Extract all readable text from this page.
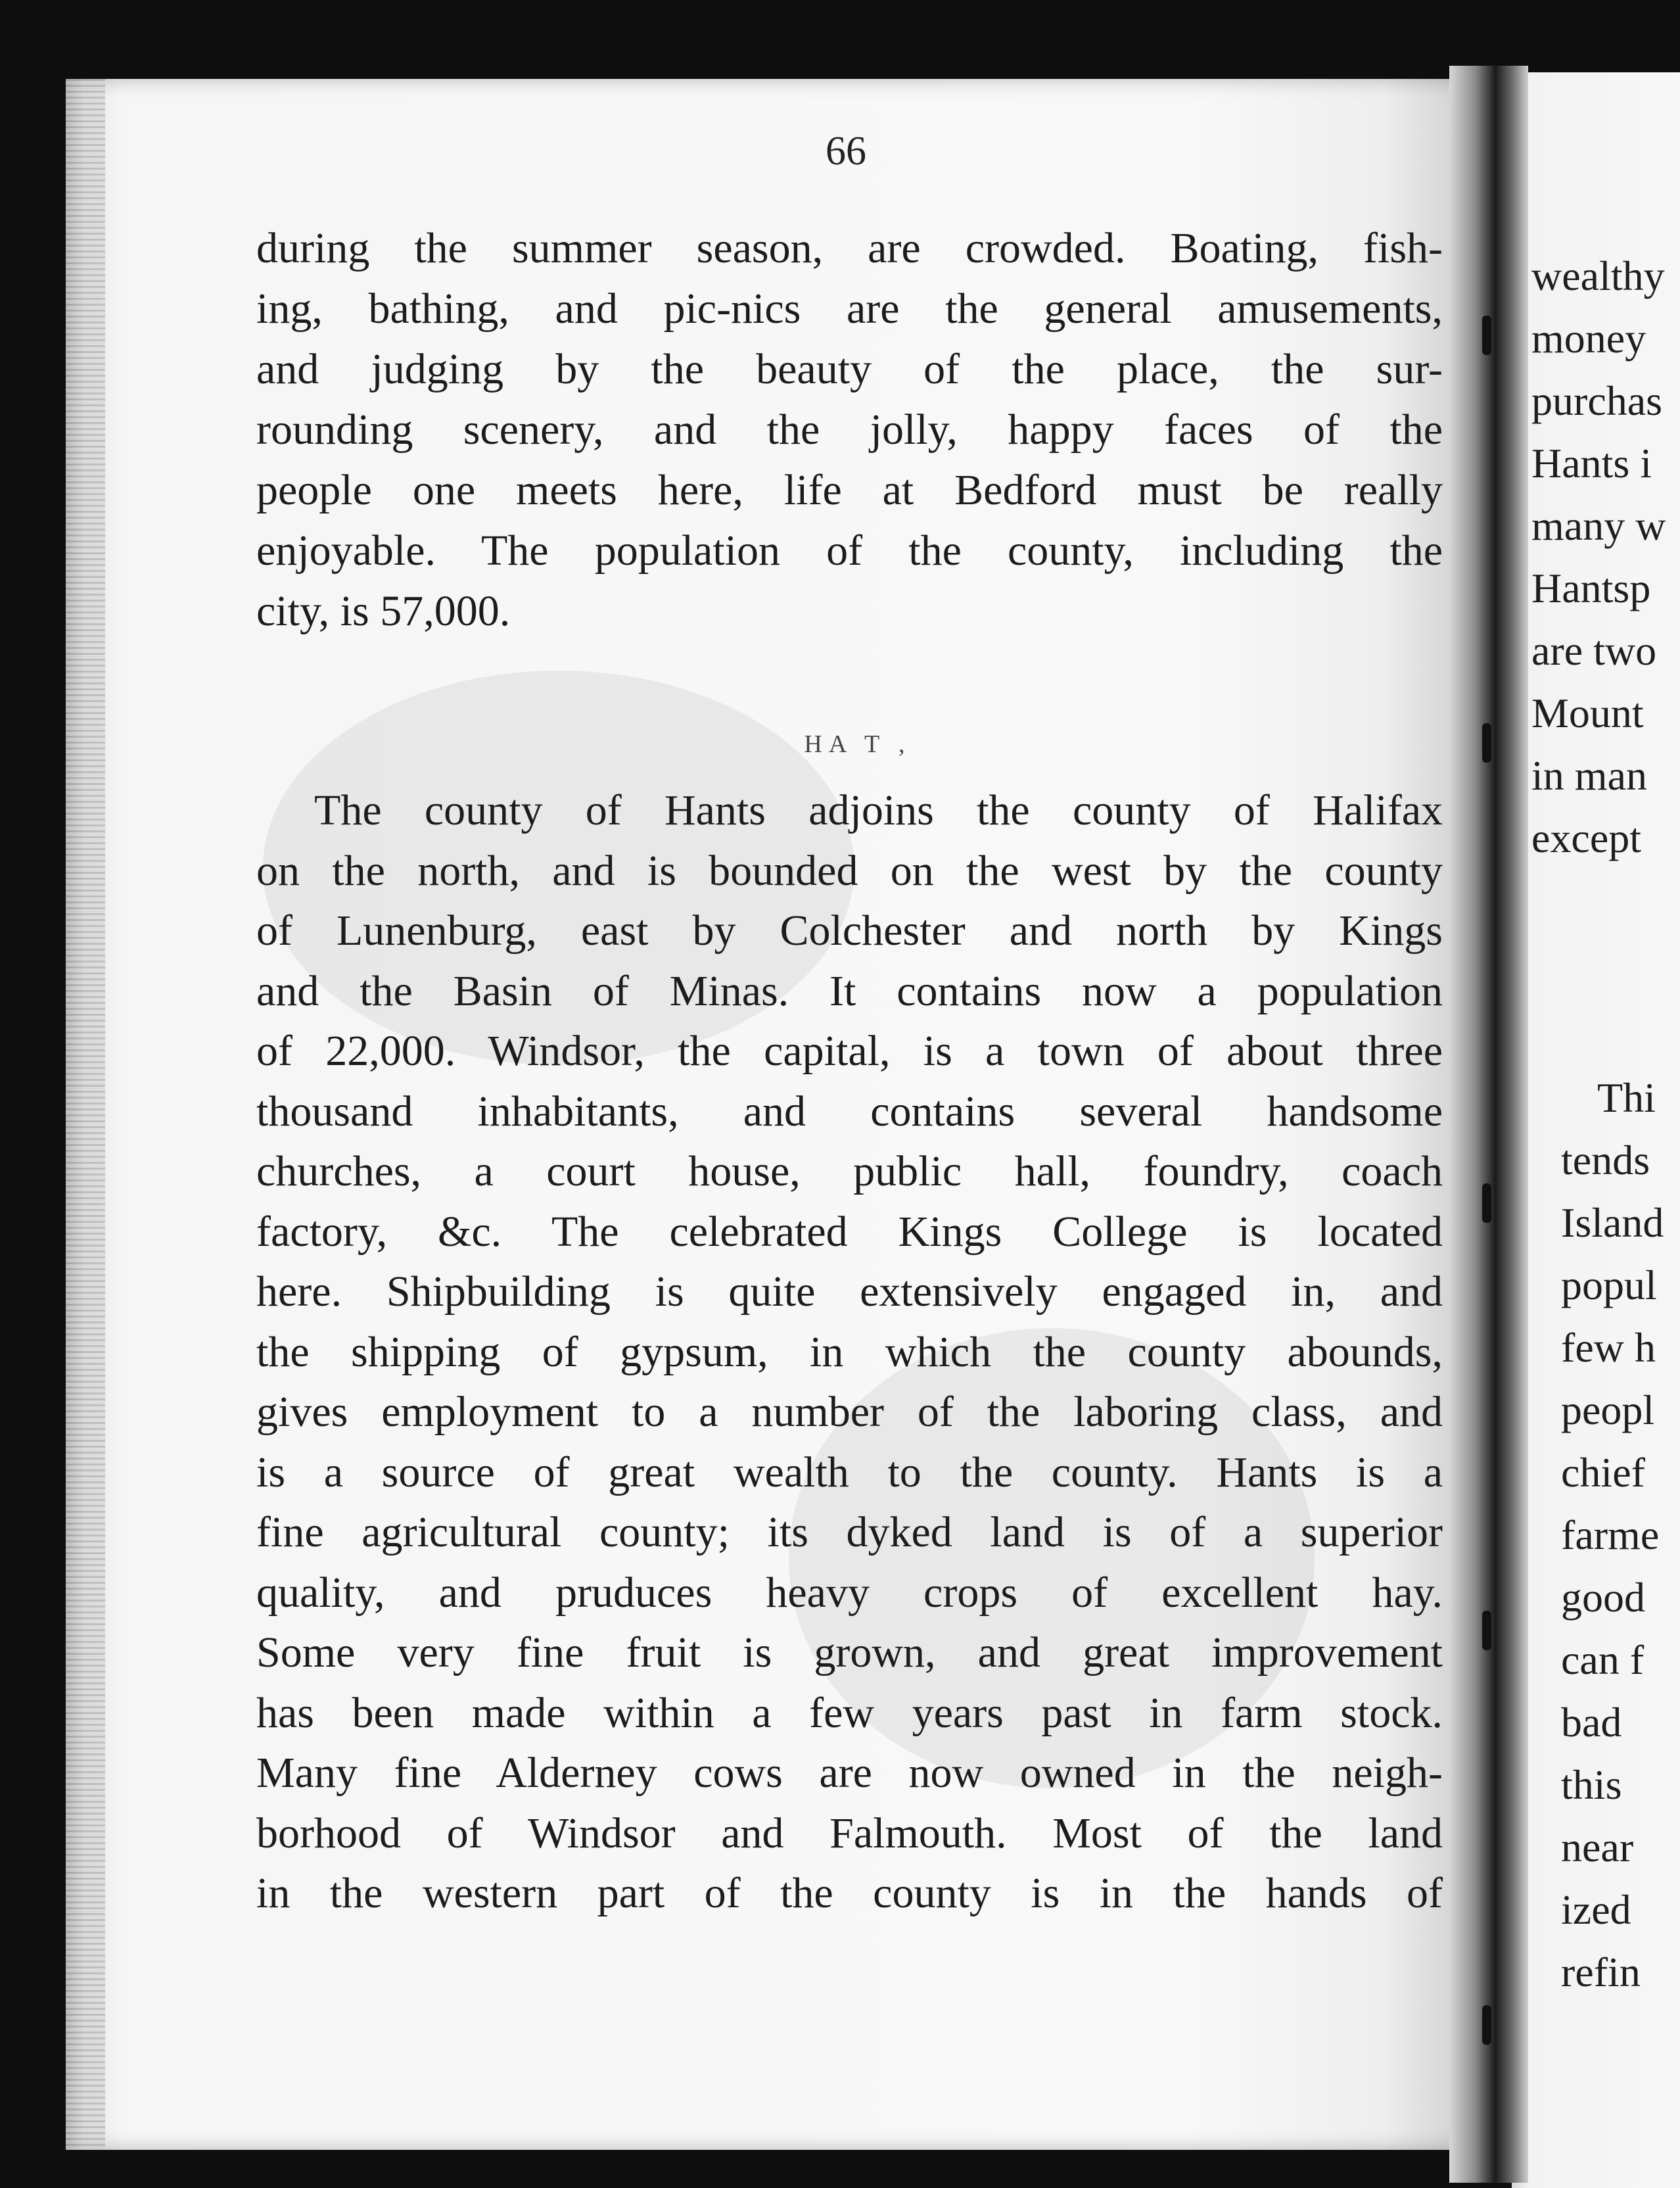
66
HA T ,
during the summer season, are crowded. Boating, fish-
ing, bathing, and pic-nics are the general amusements,
and judging by the beauty of the place, the sur-
rounding scenery, and the jolly, happy faces of the
people one meets here, life at Bedford must be really
enjoyable. The population of the county, including the
city, is 57,000.
The county of Hants adjoins the county of Halifax
on the north, and is bounded on the west by the county
of Lunenburg, east by Colchester and north by Kings
and the Basin of Minas. It contains now a population
of 22,000. Windsor, the capital, is a town of about three
thousand inhabitants, and contains several handsome
churches, a court house, public hall, foundry, coach
factory, &c. The celebrated Kings College is located
here. Shipbuilding is quite extensively engaged in, and
the shipping of gypsum, in which the county abounds,
gives employment to a number of the laboring class, and
is a source of great wealth to the county. Hants is a
fine agricultural county; its dyked land is of a superior
quality, and pruduces heavy crops of excellent hay.
Some very fine fruit is grown, and great improvement
has been made within a few years past in farm stock.
Many fine Alderney cows are now owned in the neigh-
borhood of Windsor and Falmouth. Most of the land
in the western part of the county is in the hands of
wealthy
money
purchas
Hants i
many w
Hantsp
are two
Mount
in man
except
Thi
tends
Island
popul
few h
peopl
chief
farme
good
can f
bad
this
near
ized
refin
